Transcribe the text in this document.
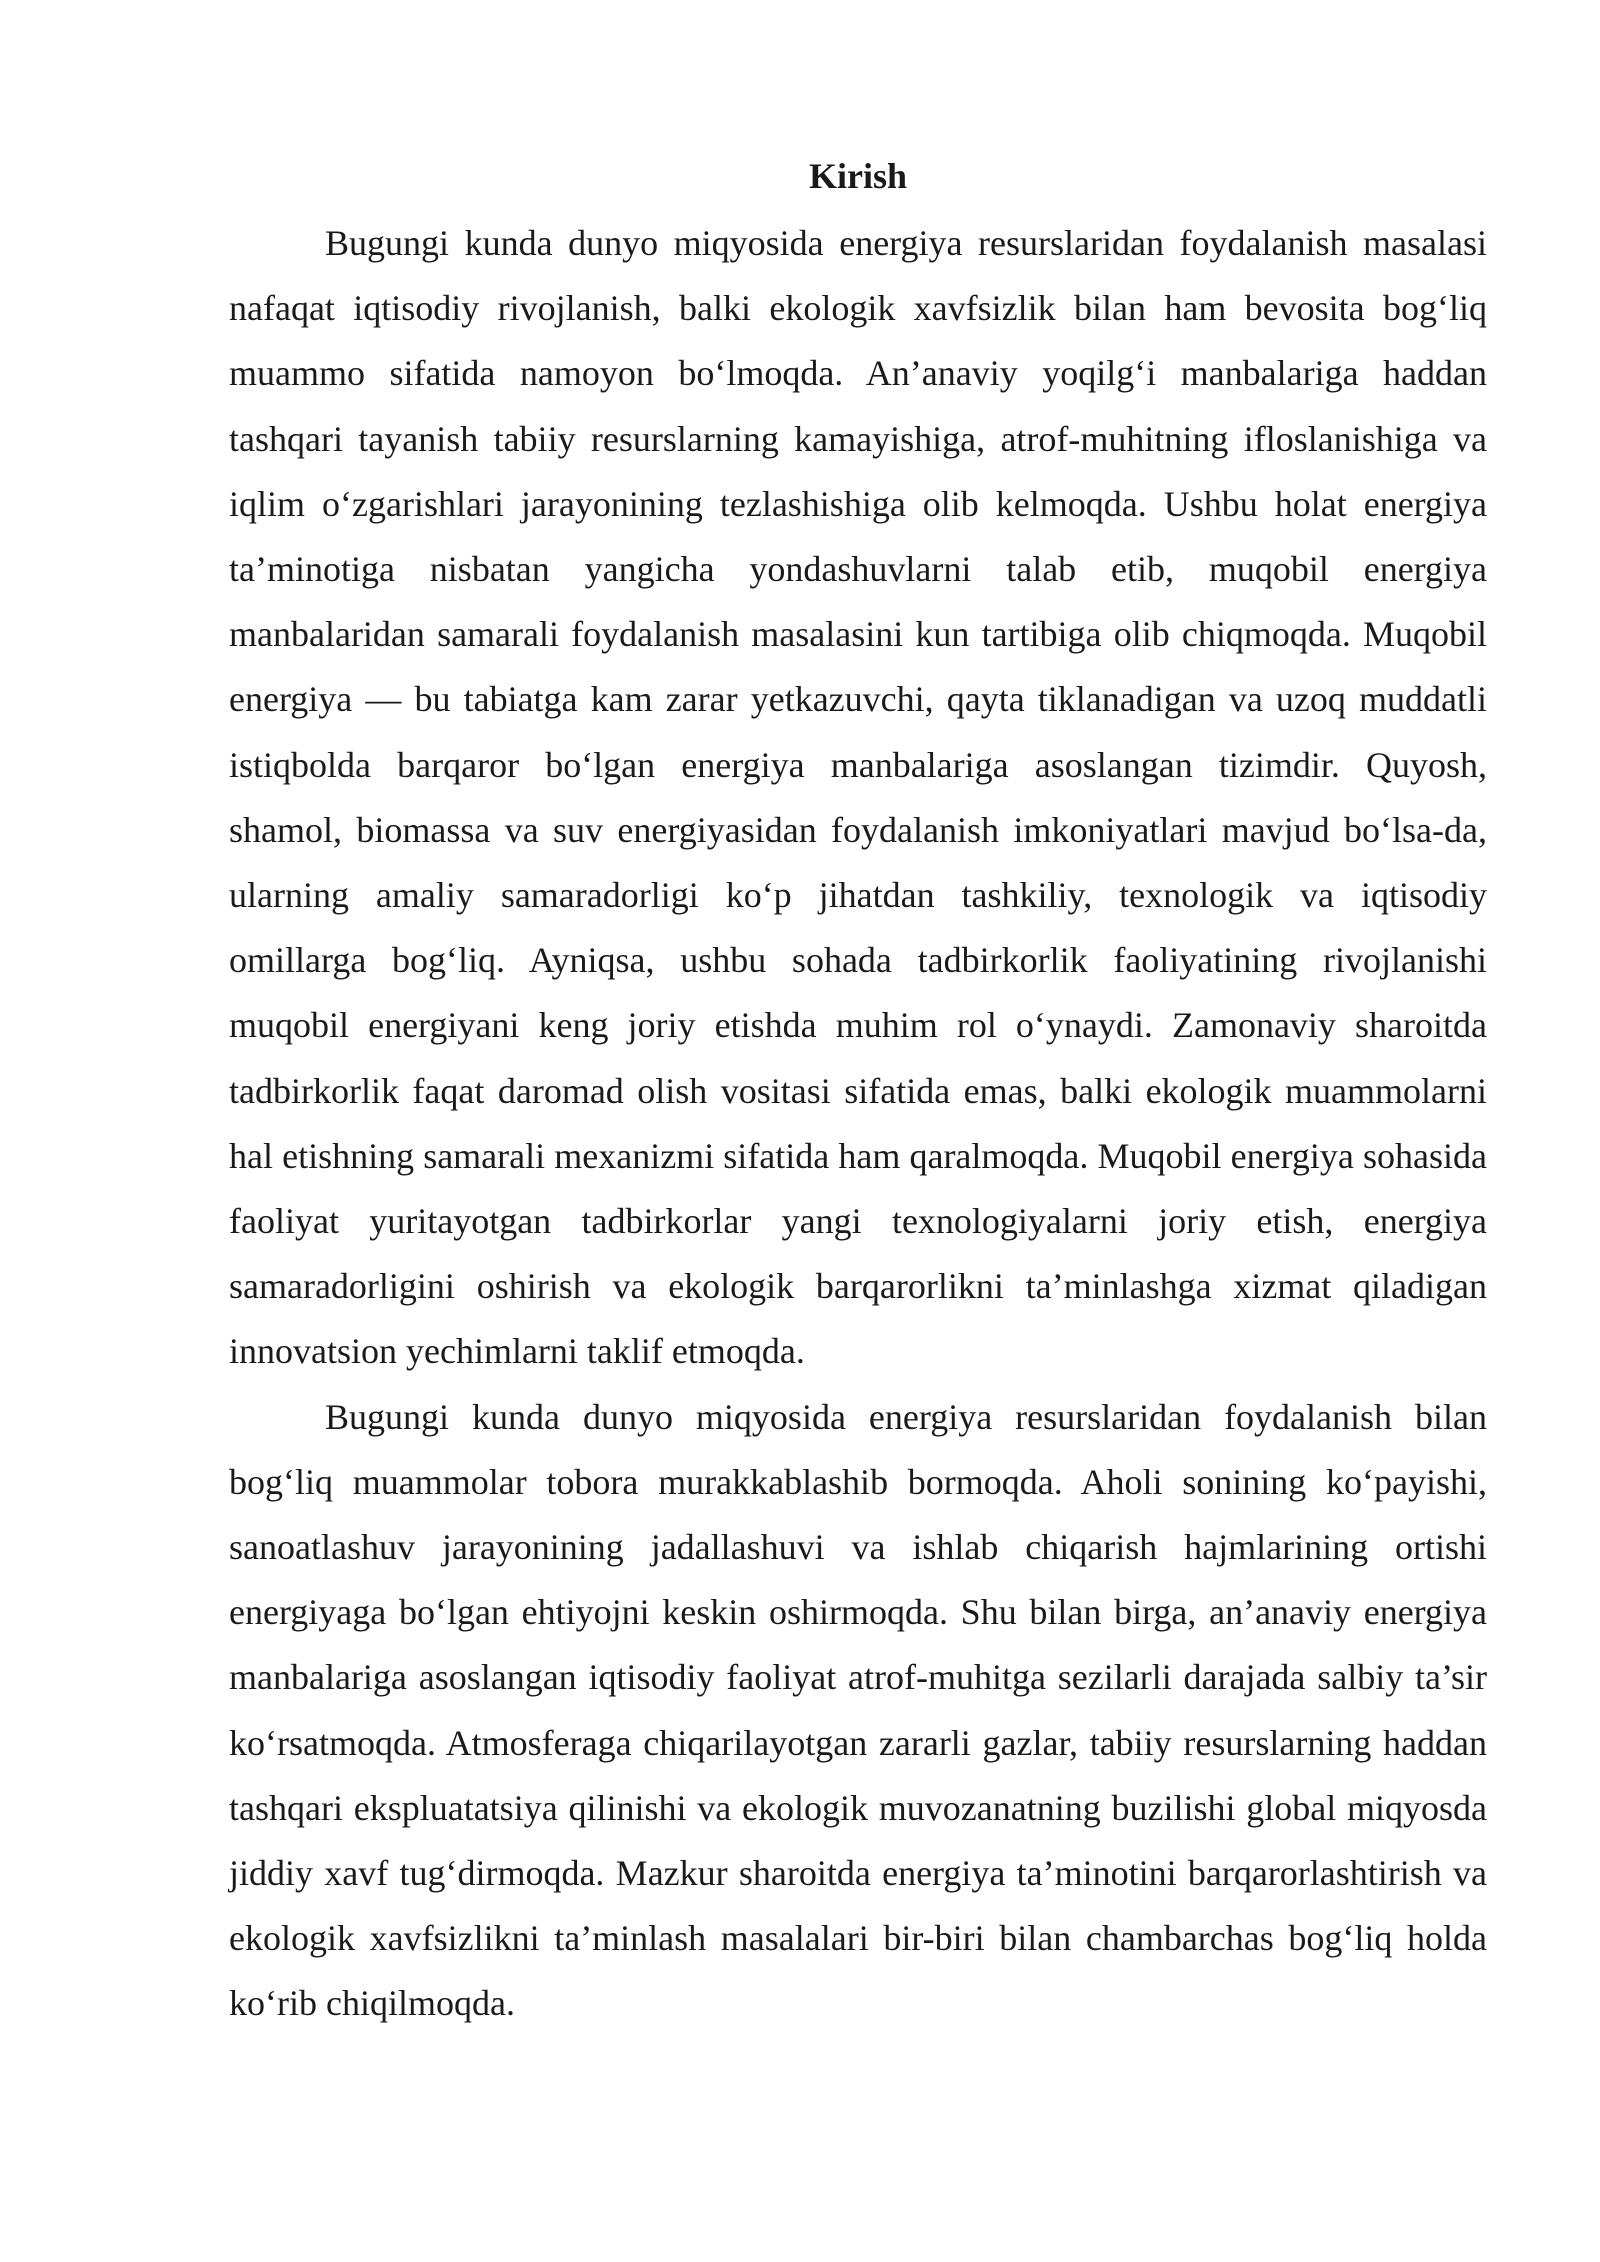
Kirish

Bugungi kunda dunyo miqyosida energiya resurslaridan foydalanish masalasi nafaqat iqtisodiy rivojlanish, balki ekologik xavfsizlik bilan ham bevosita bog‘liq muammo sifatida namoyon bo‘lmoqda. An’anaviy yoqilg‘i manbalariga haddan tashqari tayanish tabiiy resurslarning kamayishiga, atrof-muhitning ifloslanishiga va iqlim o‘zgarishlari jarayonining tezlashishiga olib kelmoqda. Ushbu holat energiya ta’minotiga nisbatan yangicha yondashuvlarni talab etib, muqobil energiya manbalaridan samarali foydalanish masalasini kun tartibiga olib chiqmoqda. Muqobil energiya — bu tabiatga kam zarar yetkazuvchi, qayta tiklanadigan va uzoq muddatli istiqbolda barqaror bo‘lgan energiya manbalariga asoslangan tizimdir. Quyosh, shamol, biomassa va suv energiyasidan foydalanish imkoniyatlari mavjud bo‘lsa-da, ularning amaliy samaradorligi ko‘p jihatdan tashkiliy, texnologik va iqtisodiy omillarga bog‘liq. Ayniqsa, ushbu sohada tadbirkorlik faoliyatining rivojlanishi muqobil energiyani keng joriy etishda muhim rol o‘ynaydi. Zamonaviy sharoitda tadbirkorlik faqat daromad olish vositasi sifatida emas, balki ekologik muammolarni hal etishning samarali mexanizmi sifatida ham qaralmoqda. Muqobil energiya sohasida faoliyat yuritayotgan tadbirkorlar yangi texnologiyalarni joriy etish, energiya samaradorligini oshirish va ekologik barqarorlikni ta’minlashga xizmat qiladigan innovatsion yechimlarni taklif etmoqda.

Bugungi kunda dunyo miqyosida energiya resurslaridan foydalanish bilan bog‘liq muammolar tobora murakkablashib bormoqda. Aholi sonining ko‘payishi, sanoatlashuv jarayonining jadallashuvi va ishlab chiqarish hajmlarining ortishi energiyaga bo‘lgan ehtiyojni keskin oshirmoqda. Shu bilan birga, an’anaviy energiya manbalariga asoslangan iqtisodiy faoliyat atrof-muhitga sezilarli darajada salbiy ta’sir ko‘rsatmoqda. Atmosferaga chiqarilayotgan zararli gazlar, tabiiy resurslarning haddan tashqari ekspluatatsiya qilinishi va ekologik muvozanatning buzilishi global miqyosda jiddiy xavf tug‘dirmoqda. Mazkur sharoitda energiya ta’minotini barqarorlashtirish va ekologik xavfsizlikni ta’minlash masalalari bir-biri bilan chambarchas bog‘liq holda ko‘rib chiqilmoqda.
